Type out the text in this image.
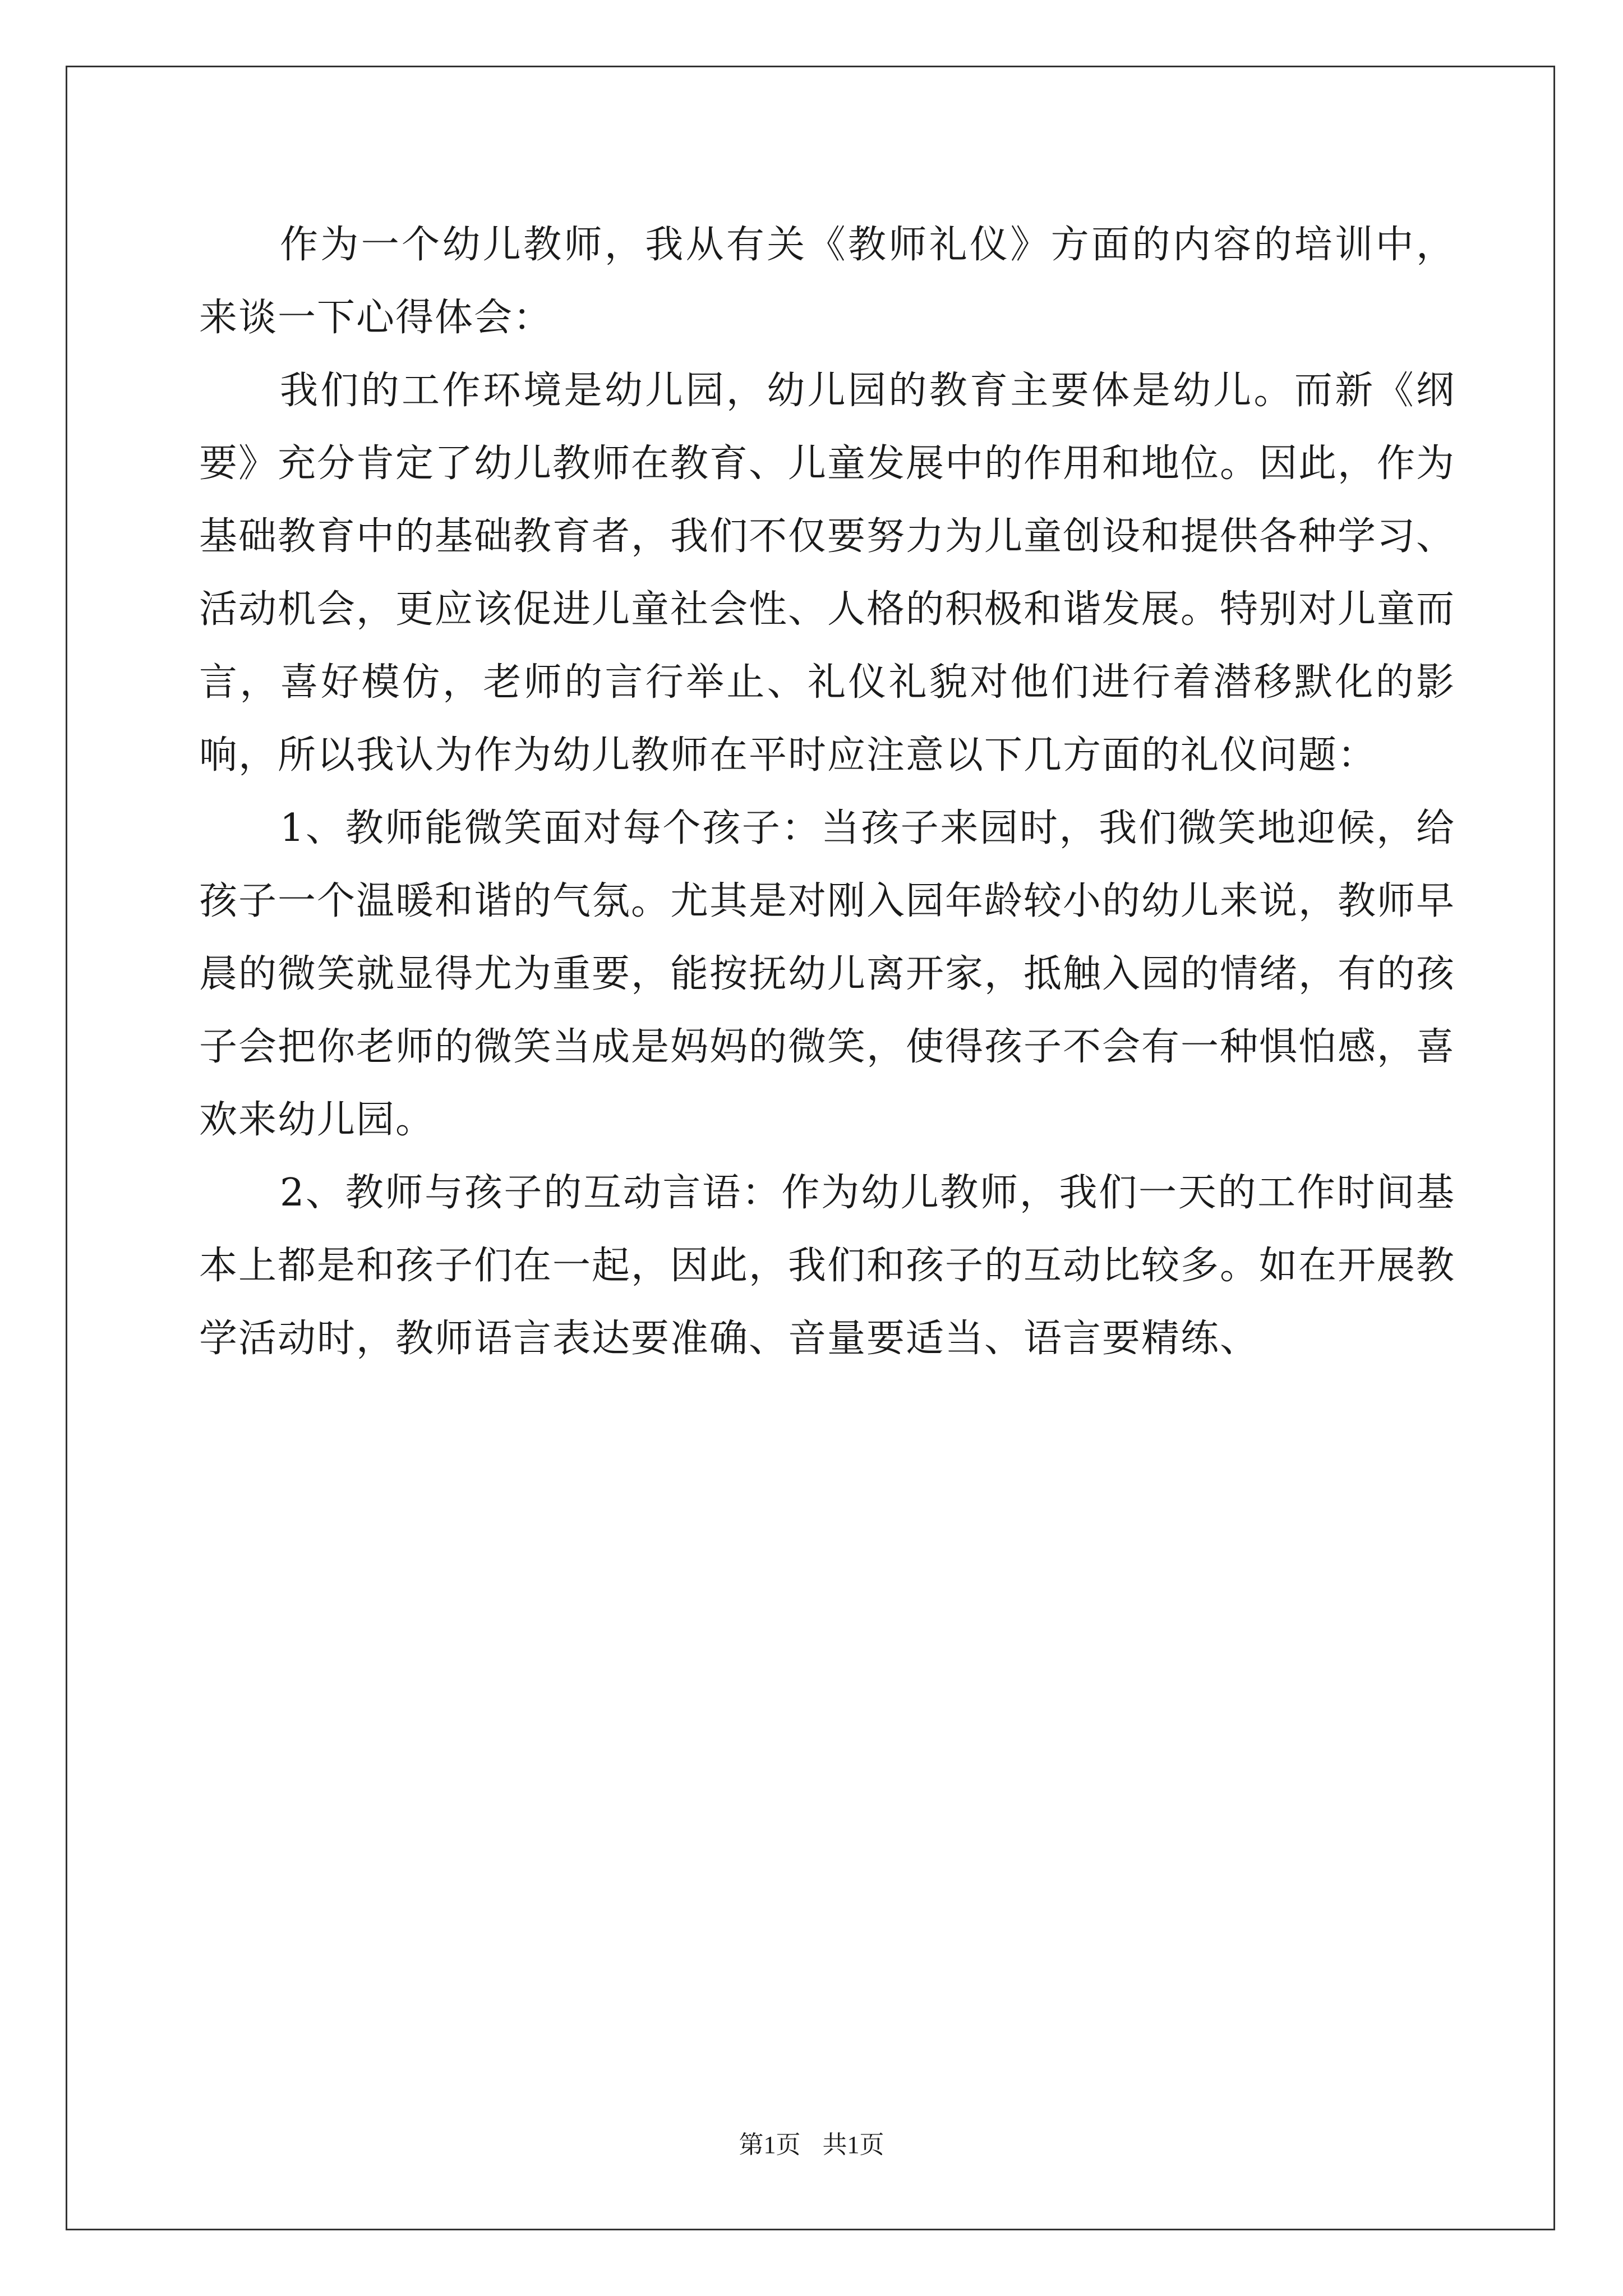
作为一个幼儿教师，我从有关《教师礼仪》方面的内容的培训中，来谈一下心得体会：

我们的工作环境是幼儿园，幼儿园的教育主要体是幼儿。而新《纲要》充分肯定了幼儿教师在教育、儿童发展中的作用和地位。因此，作为基础教育中的基础教育者，我们不仅要努力为儿童创设和提供各种学习、活动机会，更应该促进儿童社会性、人格的积极和谐发展。特别对儿童而言，喜好模仿，老师的言行举止、礼仪礼貌对他们进行着潜移默化的影响，所以我认为作为幼儿教师在平时应注意以下几方面的礼仪问题：

1、教师能微笑面对每个孩子：当孩子来园时，我们微笑地迎候，给孩子一个温暖和谐的气氛。尤其是对刚入园年龄较小的幼儿来说，教师早晨的微笑就显得尤为重要，能按抚幼儿离开家，抵触入园的情绪，有的孩子会把你老师的微笑当成是妈妈的微笑，使得孩子不会有一种惧怕感，喜欢来幼儿园。

2、教师与孩子的互动言语：作为幼儿教师，我们一天的工作时间基本上都是和孩子们在一起，因此，我们和孩子的互动比较多。如在开展教学活动时，教师语言表达要准确、音量要适当、语言要精练、

第1页 共1页
